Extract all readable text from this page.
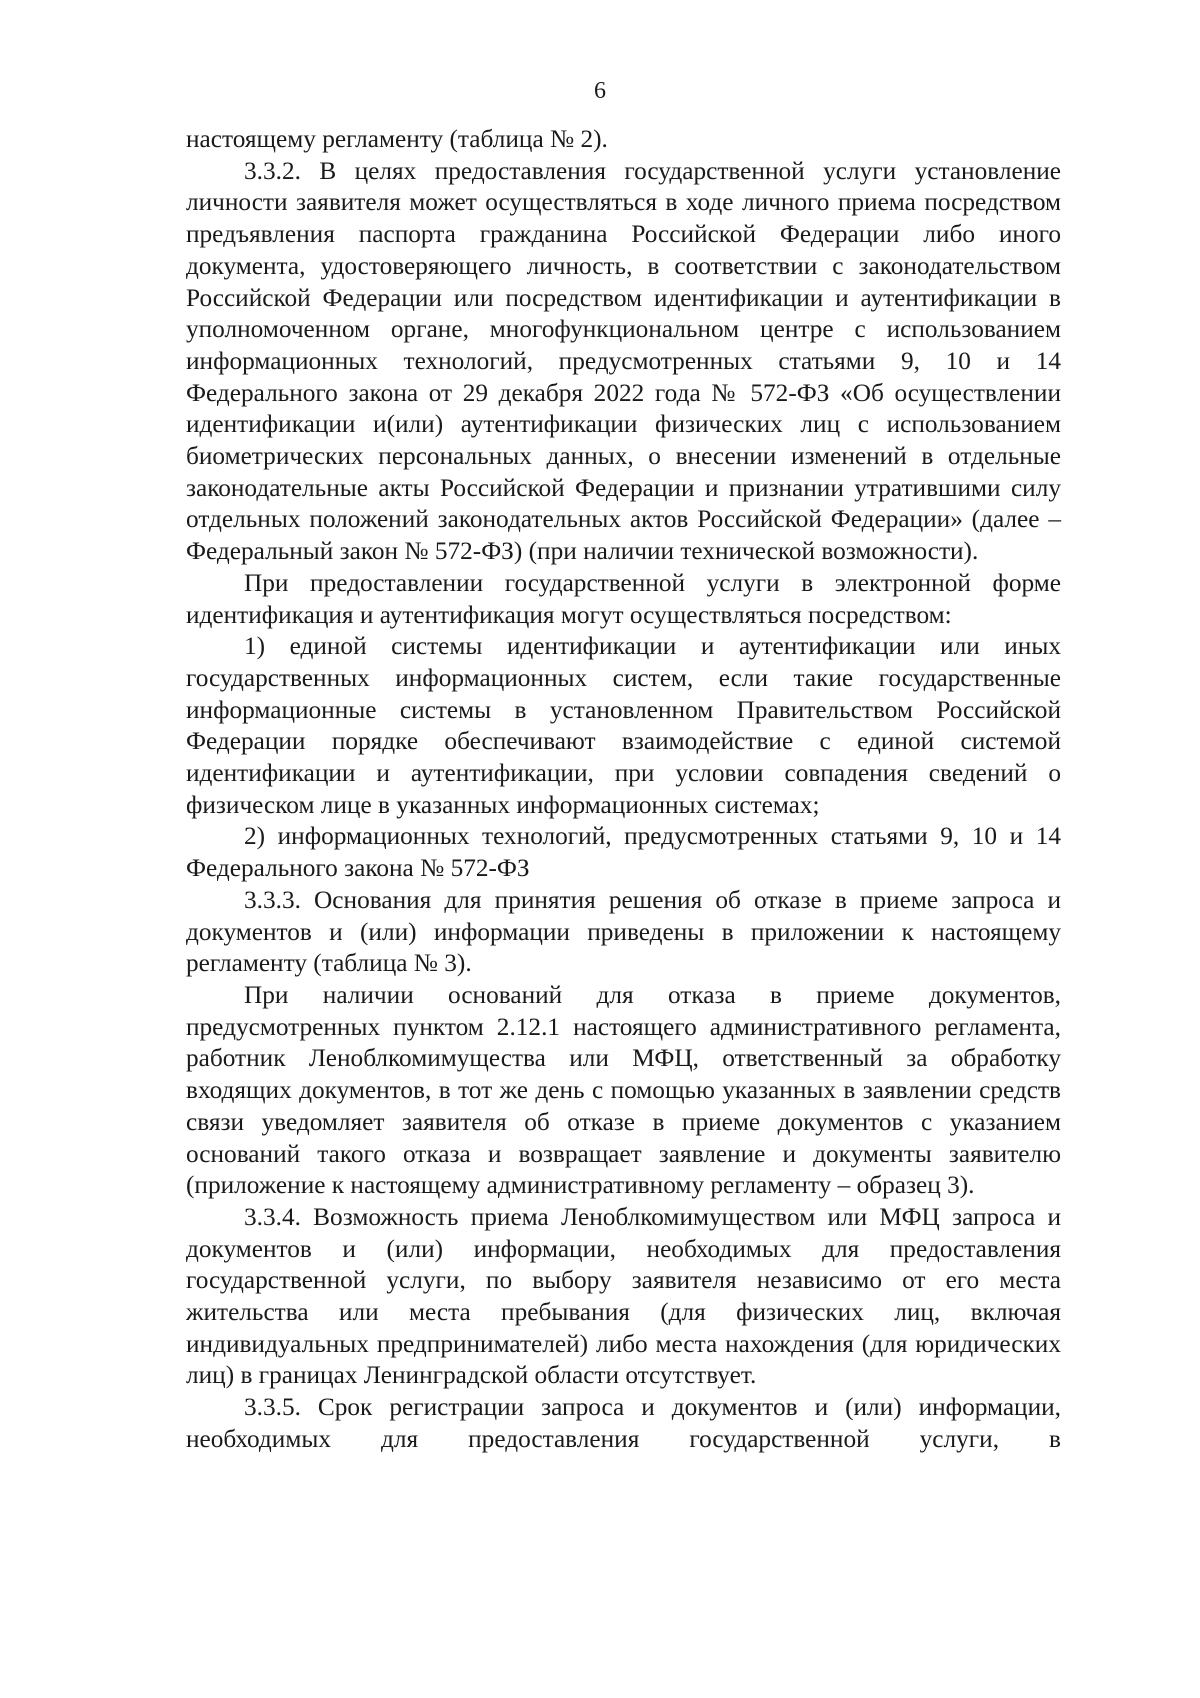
6

настоящему регламенту (таблица № 2).

3.3.2. В целях предоставления государственной услуги установление личности заявителя может осуществляться в ходе личного приема посредством предъявления паспорта гражданина Российской Федерации либо иного документа, удостоверяющего личность, в соответствии с законодательством Российской Федерации или посредством идентификации и аутентификации в уполномоченном органе, многофункциональном центре с использованием информационных технологий, предусмотренных статьями 9, 10 и 14 Федерального закона от 29 декабря 2022 года № 572-ФЗ «Об осуществлении идентификации и(или) аутентификации физических лиц с использованием биометрических персональных данных, о внесении изменений в отдельные законодательные акты Российской Федерации и признании утратившими силу отдельных положений законодательных актов Российской Федерации» (далее – Федеральный закон № 572-ФЗ) (при наличии технической возможности).

При предоставлении государственной услуги в электронной форме идентификация и аутентификация могут осуществляться посредством:

1) единой системы идентификации и аутентификации или иных государственных информационных систем, если такие государственные информационные системы в установленном Правительством Российской Федерации порядке обеспечивают взаимодействие с единой системой идентификации и аутентификации, при условии совпадения сведений о физическом лице в указанных информационных системах;

2) информационных технологий, предусмотренных статьями 9, 10 и 14 Федерального закона № 572-ФЗ

3.3.3. Основания для принятия решения об отказе в приеме запроса и документов и (или) информации приведены в приложении к настоящему регламенту (таблица № 3).

При наличии оснований для отказа в приеме документов, предусмотренных пунктом 2.12.1 настоящего административного регламента, работник Леноблкомимущества или МФЦ, ответственный за обработку входящих документов, в тот же день с помощью указанных в заявлении средств связи уведомляет заявителя об отказе в приеме документов с указанием оснований такого отказа и возвращает заявление и документы заявителю (приложение к настоящему административному регламенту – образец 3).

3.3.4. Возможность приема Леноблкомимуществом или МФЦ запроса и документов и (или) информации, необходимых для предоставления государственной услуги, по выбору заявителя независимо от его места жительства или места пребывания (для физических лиц, включая индивидуальных предпринимателей) либо места нахождения (для юридических лиц) в границах Ленинградской области отсутствует.

3.3.5. Срок регистрации запроса и документов и (или) информации, необходимых для предоставления государственной услуги, в
